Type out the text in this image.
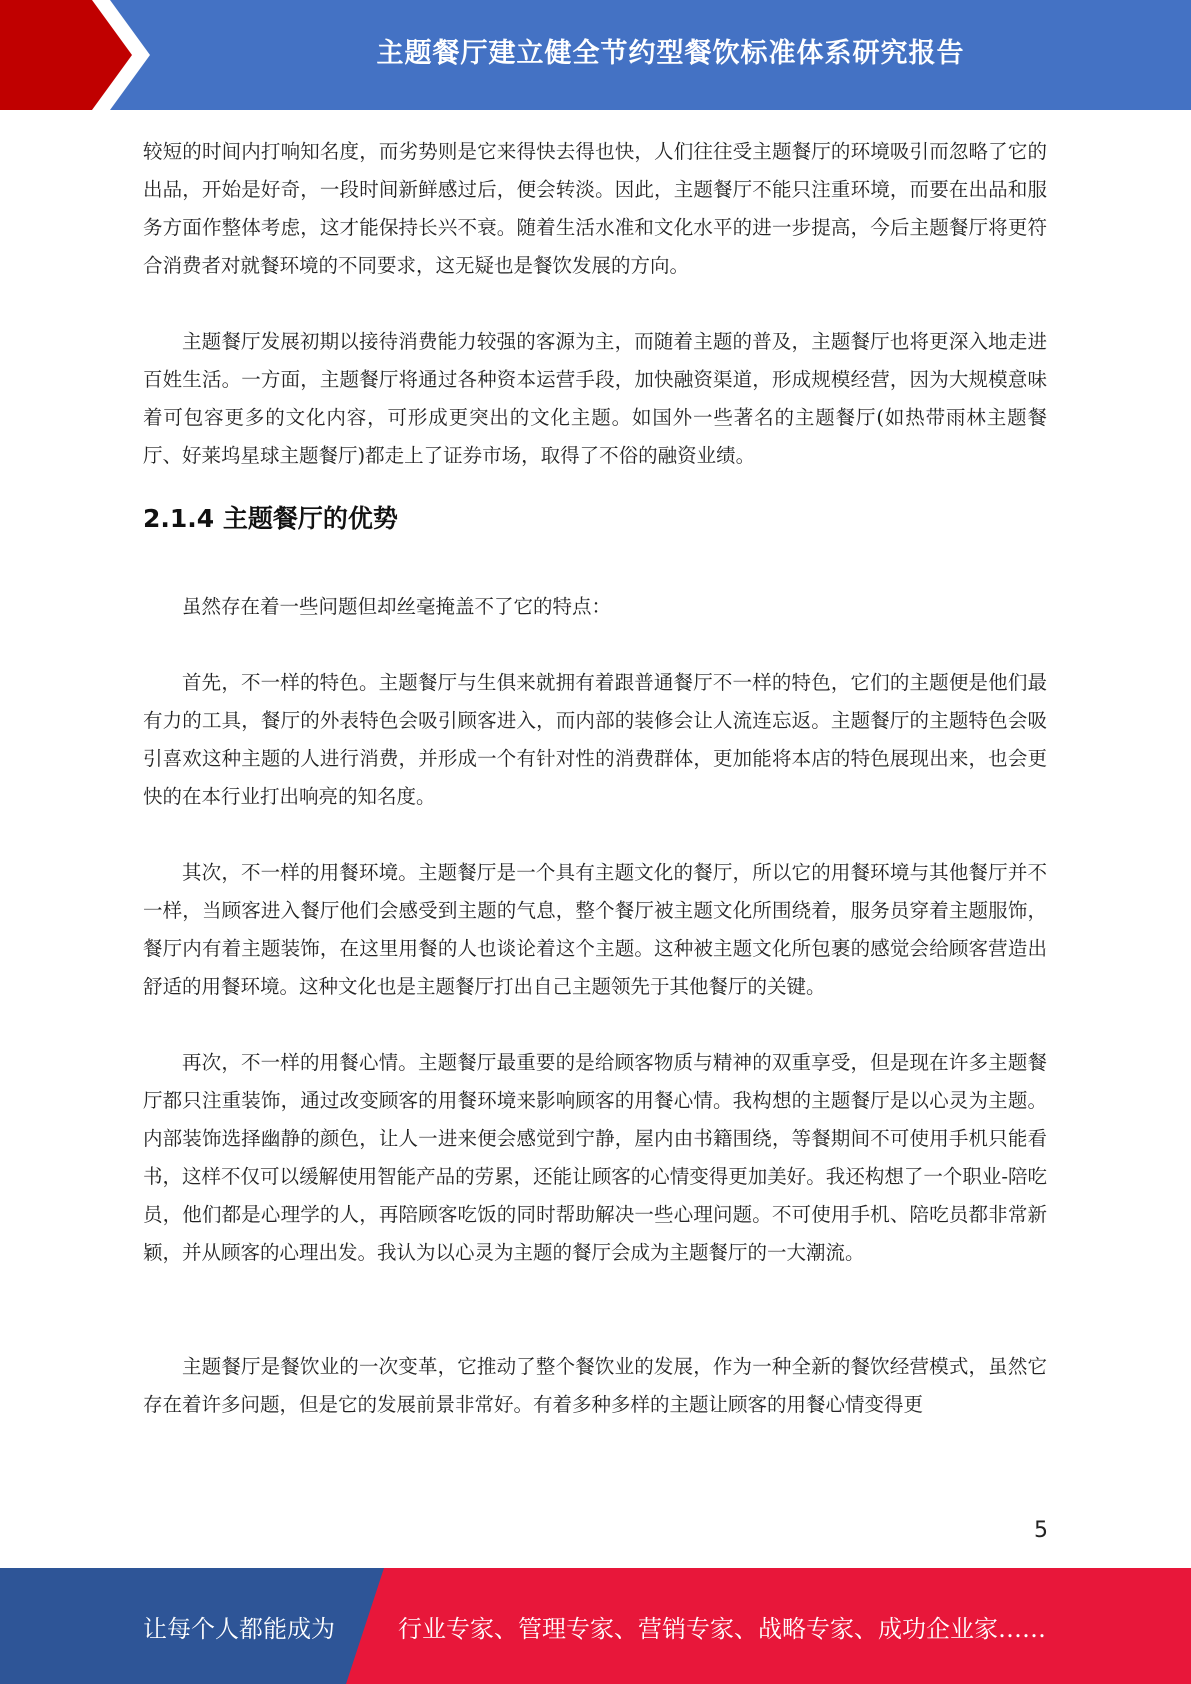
主题餐厅建立健全节约型餐饮标准体系研究报告

较短的时间内打响知名度，而劣势则是它来得快去得也快，人们往往受主题餐厅的环境吸引而忽略了它的出品，开始是好奇，一段时间新鲜感过后，便会转淡。因此，主题餐厅不能只注重环境，而要在出品和服务方面作整体考虑，这才能保持长兴不衰。随着生活水准和文化水平的进一步提高，今后主题餐厅将更符合消费者对就餐环境的不同要求，这无疑也是餐饮发展的方向。

主题餐厅发展初期以接待消费能力较强的客源为主，而随着主题的普及，主题餐厅也将更深入地走进百姓生活。一方面，主题餐厅将通过各种资本运营手段，加快融资渠道，形成规模经营，因为大规模意味着可包容更多的文化内容，可形成更突出的文化主题。如国外一些著名的主题餐厅(如热带雨林主题餐厅、好莱坞星球主题餐厅)都走上了证券市场，取得了不俗的融资业绩。

2.1.4 主题餐厅的优势

虽然存在着一些问题但却丝毫掩盖不了它的特点：

首先，不一样的特色。主题餐厅与生俱来就拥有着跟普通餐厅不一样的特色，它们的主题便是他们最有力的工具，餐厅的外表特色会吸引顾客进入，而内部的装修会让人流连忘返。主题餐厅的主题特色会吸引喜欢这种主题的人进行消费，并形成一个有针对性的消费群体，更加能将本店的特色展现出来，也会更快的在本行业打出响亮的知名度。

其次，不一样的用餐环境。主题餐厅是一个具有主题文化的餐厅，所以它的用餐环境与其他餐厅并不一样，当顾客进入餐厅他们会感受到主题的气息，整个餐厅被主题文化所围绕着，服务员穿着主题服饰，餐厅内有着主题装饰，在这里用餐的人也谈论着这个主题。这种被主题文化所包裹的感觉会给顾客营造出舒适的用餐环境。这种文化也是主题餐厅打出自己主题领先于其他餐厅的关键。

再次，不一样的用餐心情。主题餐厅最重要的是给顾客物质与精神的双重享受，但是现在许多主题餐厅都只注重装饰，通过改变顾客的用餐环境来影响顾客的用餐心情。我构想的主题餐厅是以心灵为主题。内部装饰选择幽静的颜色，让人一进来便会感觉到宁静，屋内由书籍围绕，等餐期间不可使用手机只能看书，这样不仅可以缓解使用智能产品的劳累，还能让顾客的心情变得更加美好。我还构想了一个职业-陪吃员，他们都是心理学的人，再陪顾客吃饭的同时帮助解决一些心理问题。不可使用手机、陪吃员都非常新颖，并从顾客的心理出发。我认为以心灵为主题的餐厅会成为主题餐厅的一大潮流。

主题餐厅是餐饮业的一次变革，它推动了整个餐饮业的发展，作为一种全新的餐饮经营模式，虽然它存在着许多问题，但是它的发展前景非常好。有着多种多样的主题让顾客的用餐心情变得更

5
让每个人都能成为	行业专家、管理专家、营销专家、战略专家、成功企业家……
